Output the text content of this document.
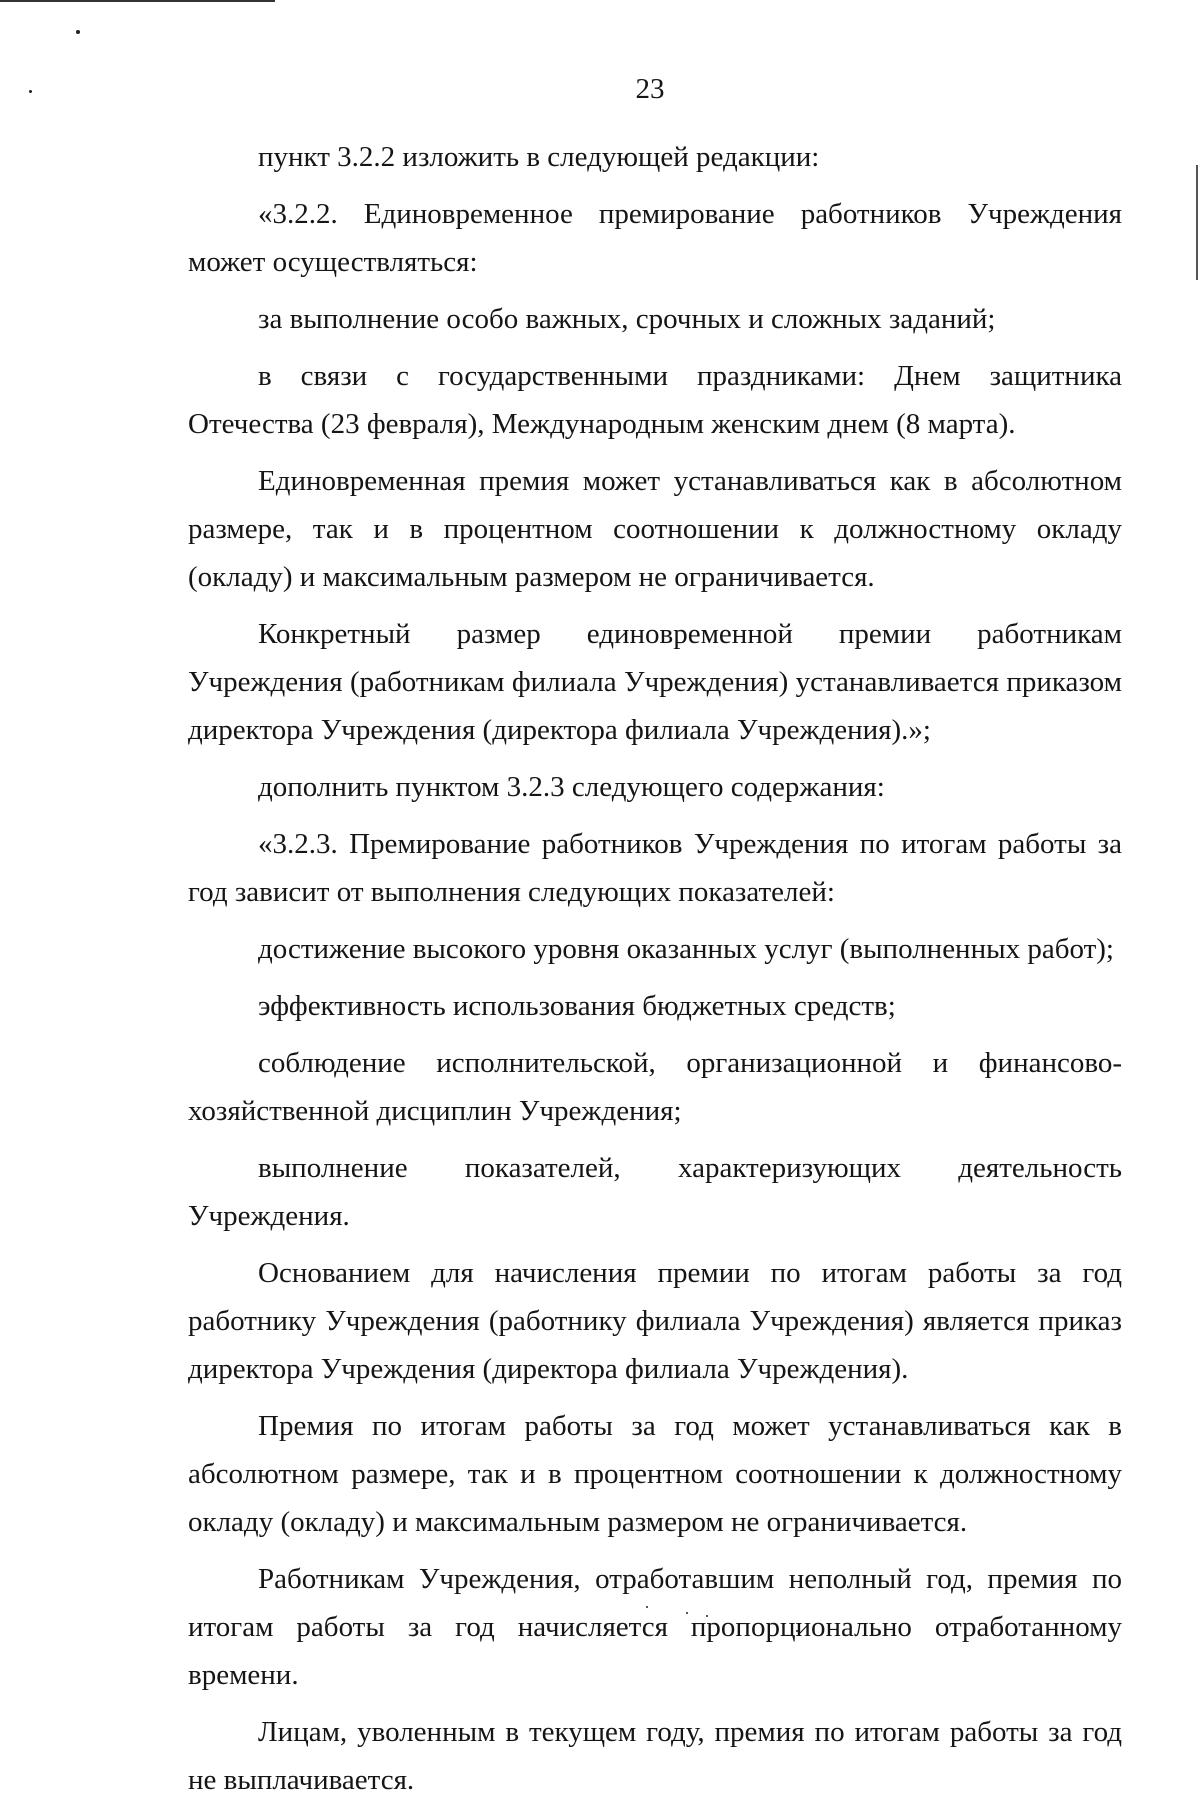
23

пункт 3.2.2 изложить в следующей редакции:

«3.2.2. Единовременное премирование работников Учреждения может осуществляться:

за выполнение особо важных, срочных и сложных заданий;

в связи с государственными праздниками: Днем защитника Отечества (23 февраля), Международным женским днем (8 марта).

Единовременная премия может устанавливаться как в абсолютном размере, так и в процентном соотношении к должностному окладу (окладу) и максимальным размером не ограничивается.

Конкретный размер единовременной премии работникам Учреждения (работникам филиала Учреждения) устанавливается приказом директора Учреждения (директора филиала Учреждения).»;

дополнить пунктом 3.2.3 следующего содержания:

«3.2.3. Премирование работников Учреждения по итогам работы за год зависит от выполнения следующих показателей:

достижение высокого уровня оказанных услуг (выполненных работ);

эффективность использования бюджетных средств;

соблюдение исполнительской, организационной и финансово-хозяйственной дисциплин Учреждения;

выполнение показателей, характеризующих деятельность Учреждения.

Основанием для начисления премии по итогам работы за год работнику Учреждения (работнику филиала Учреждения) является приказ директора Учреждения (директора филиала Учреждения).

Премия по итогам работы за год может устанавливаться как в абсолютном размере, так и в процентном соотношении к должностному окладу (окладу) и максимальным размером не ограничивается.

Работникам Учреждения, отработавшим неполный год, премия по итогам работы за год начисляется пропорционально отработанному времени.

Лицам, уволенным в текущем году, премия по итогам работы за год не выплачивается.
